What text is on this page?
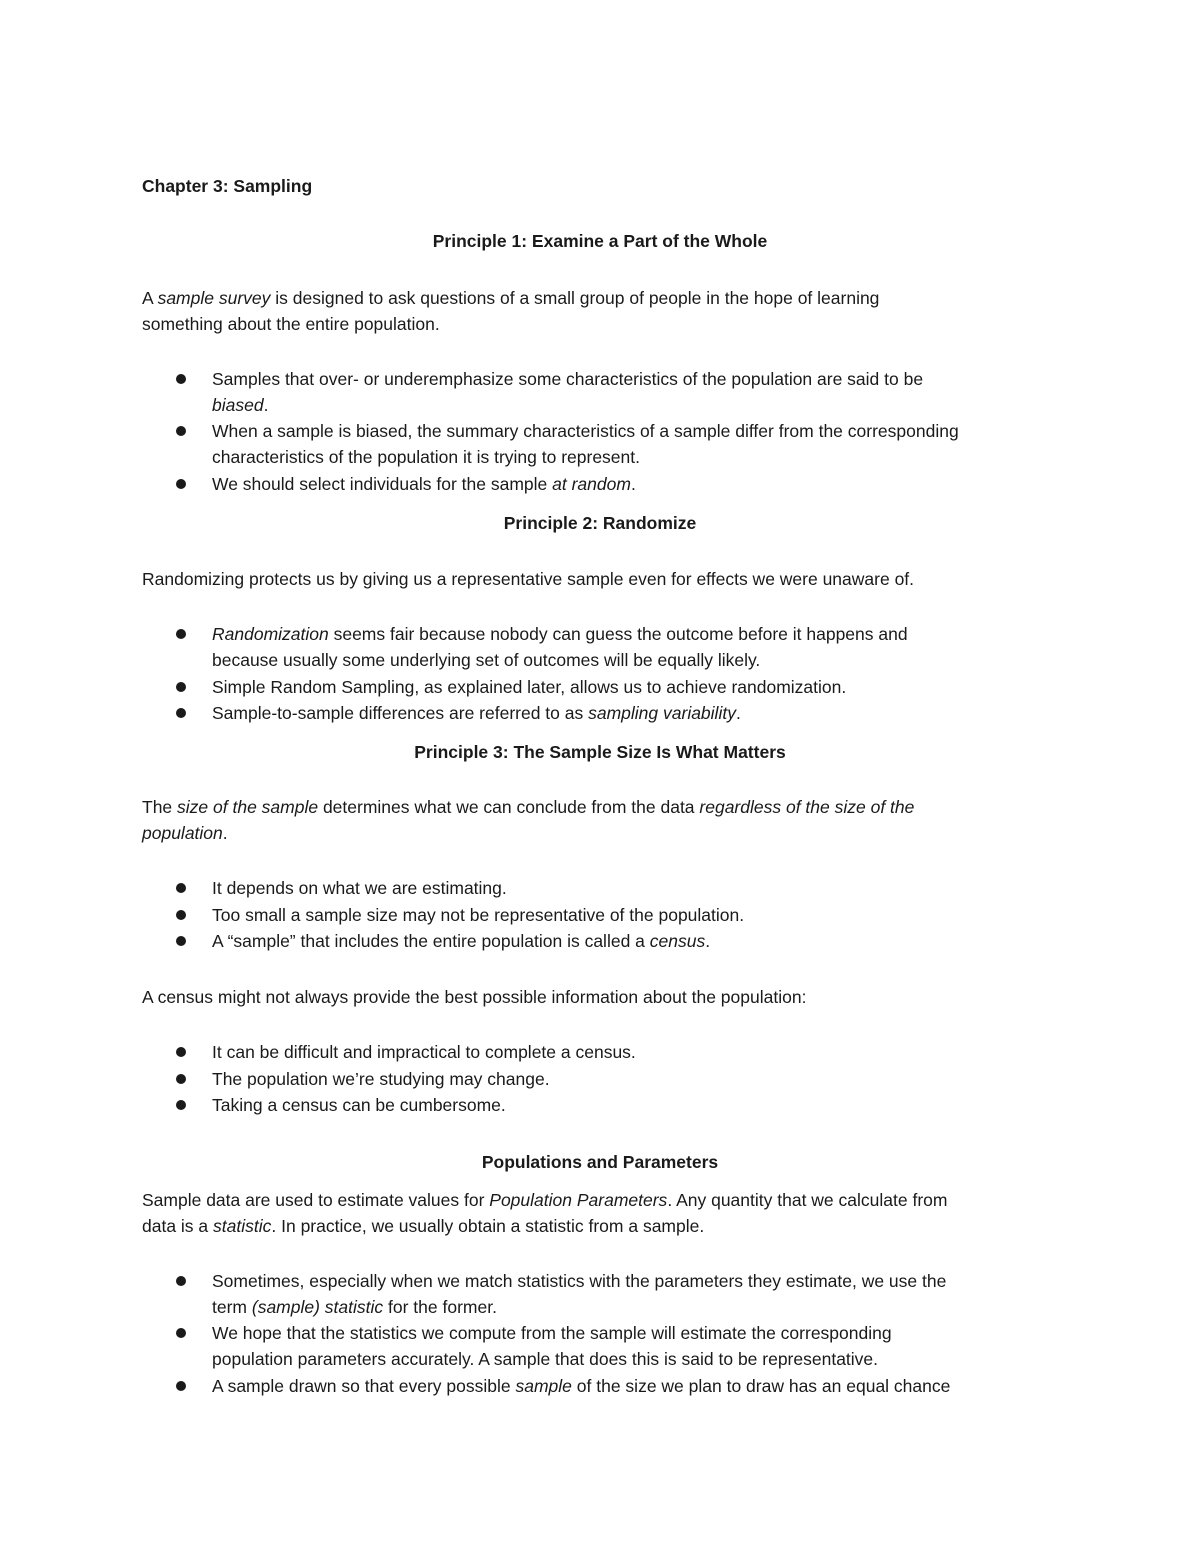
Chapter 3: Sampling
Principle 1: Examine a Part of the Whole
A sample survey is designed to ask questions of a small group of people in the hope of learning
something about the entire population.
Samples that over- or underemphasize some characteristics of the population are said to be
biased.
When a sample is biased, the summary characteristics of a sample differ from the corresponding
characteristics of the population it is trying to represent.
We should select individuals for the sample at random.
Principle 2: Randomize
Randomizing protects us by giving us a representative sample even for effects we were unaware of.
Randomization seems fair because nobody can guess the outcome before it happens and
because usually some underlying set of outcomes will be equally likely.
Simple Random Sampling, as explained later, allows us to achieve randomization.
Sample-to-sample differences are referred to as sampling variability.
Principle 3: The Sample Size Is What Matters
The size of the sample determines what we can conclude from the data regardless of the size of the
population.
It depends on what we are estimating.
Too small a sample size may not be representative of the population.
A “sample” that includes the entire population is called a census.
A census might not always provide the best possible information about the population:
It can be difficult and impractical to complete a census.
The population we’re studying may change.
Taking a census can be cumbersome.
Populations and Parameters
Sample data are used to estimate values for Population Parameters. Any quantity that we calculate from
data is a statistic. In practice, we usually obtain a statistic from a sample.
Sometimes, especially when we match statistics with the parameters they estimate, we use the
term (sample) statistic for the former.
We hope that the statistics we compute from the sample will estimate the corresponding
population parameters accurately. A sample that does this is said to be representative.
A sample drawn so that every possible sample of the size we plan to draw has an equal chance
